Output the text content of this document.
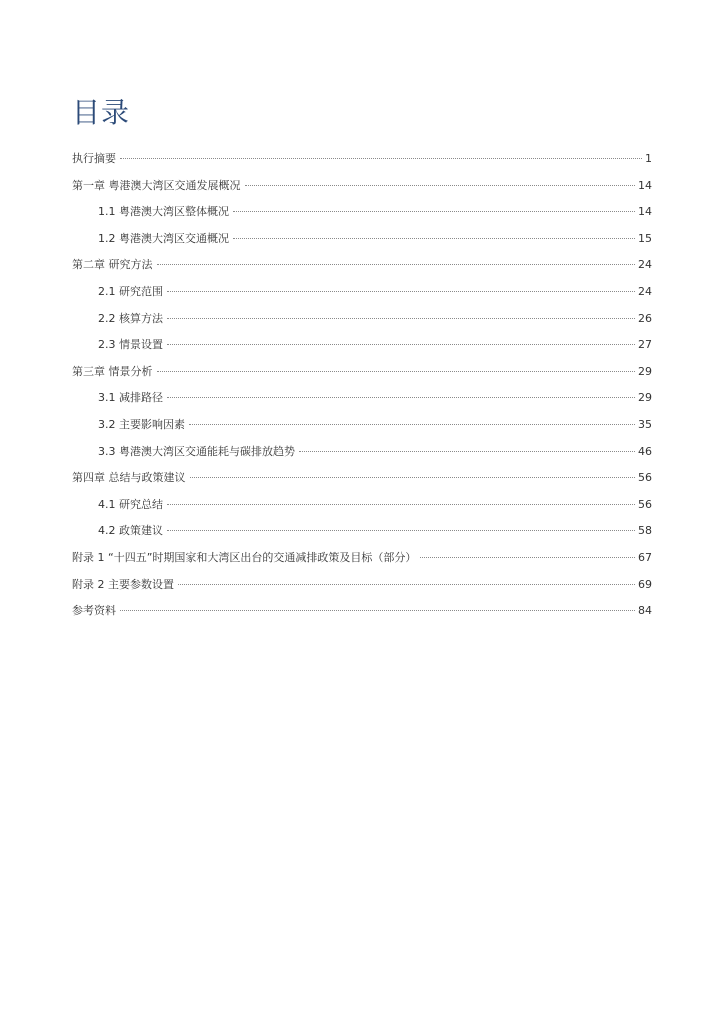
目录
执行摘要	1
第一章 粤港澳大湾区交通发展概况	14
1.1 粤港澳大湾区整体概况	14
1.2 粤港澳大湾区交通概况	15
第二章 研究方法	24
2.1 研究范围	24
2.2 核算方法	26
2.3 情景设置	27
第三章 情景分析	29
3.1 减排路径	29
3.2 主要影响因素	35
3.3 粤港澳大湾区交通能耗与碳排放趋势	46
第四章 总结与政策建议	56
4.1 研究总结	56
4.2 政策建议	58
附录 1 “十四五”时期国家和大湾区出台的交通减排政策及目标（部分）	67
附录 2 主要参数设置	69
参考资料	84
